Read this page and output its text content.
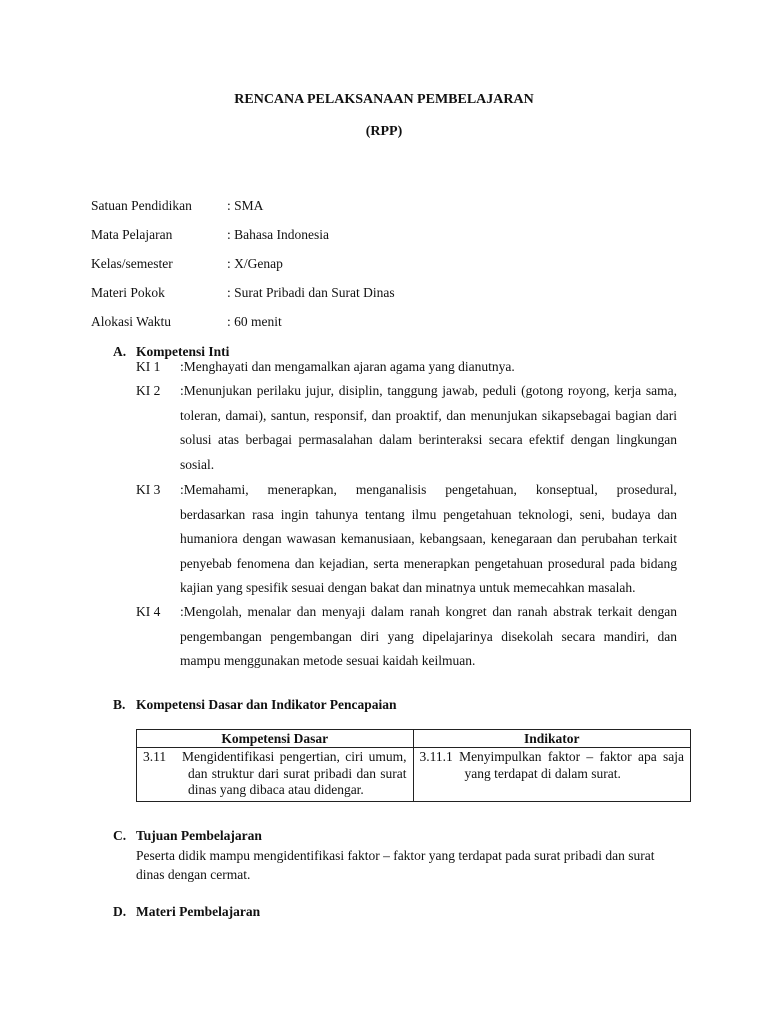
RENCANA PELAKSANAAN PEMBELAJARAN
(RPP)
Satuan Pendidikan	: SMA
Mata Pelajaran	: Bahasa Indonesia
Kelas/semester	: X/Genap
Materi Pokok	: Surat Pribadi dan Surat Dinas
Alokasi Waktu	: 60 menit
A. Kompetensi Inti
KI 1 :Menghayati dan mengamalkan ajaran agama yang dianutnya.
KI 2 :Menunjukan perilaku jujur, disiplin, tanggung jawab, peduli (gotong royong, kerja sama,
toleran, damai), santun, responsif, dan proaktif, dan menunjukan sikapsebagai bagian dari
solusi atas berbagai permasalahan dalam berinteraksi secara efektif dengan lingkungan
sosial.
KI 3 :Memahami, menerapkan, menganalisis pengetahuan, konseptual, prosedural,
berdasarkan rasa ingin tahunya tentang ilmu pengetahuan teknologi, seni, budaya dan
humaniora dengan wawasan kemanusiaan, kebangsaan, kenegaraan dan perubahan terkait
penyebab fenomena dan kejadian, serta menerapkan pengetahuan prosedural pada bidang
kajian yang spesifik sesuai dengan bakat dan minatnya untuk memecahkan masalah.
KI 4 :Mengolah, menalar dan menyaji dalam ranah kongret dan ranah abstrak terkait dengan
pengembangan pengembangan diri yang dipelajarinya disekolah secara mandiri, dan
mampu menggunakan metode sesuai kaidah keilmuan.
B. Kompetensi Dasar dan Indikator Pencapaian
Kompetensi Dasar	Indikator

3.11 Mengidentifikasi pengertian, ciri umum,
dan struktur dari surat pribadi dan surat
dinas yang dibaca atau didengar.	3.11.1 Menyimpulkan faktor – faktor apa saja
yang terdapat di dalam surat.
C. Tujuan Pembelajaran
Peserta didik mampu mengidentifikasi faktor – faktor yang terdapat pada surat pribadi dan surat
dinas dengan cermat.
D. Materi Pembelajaran
